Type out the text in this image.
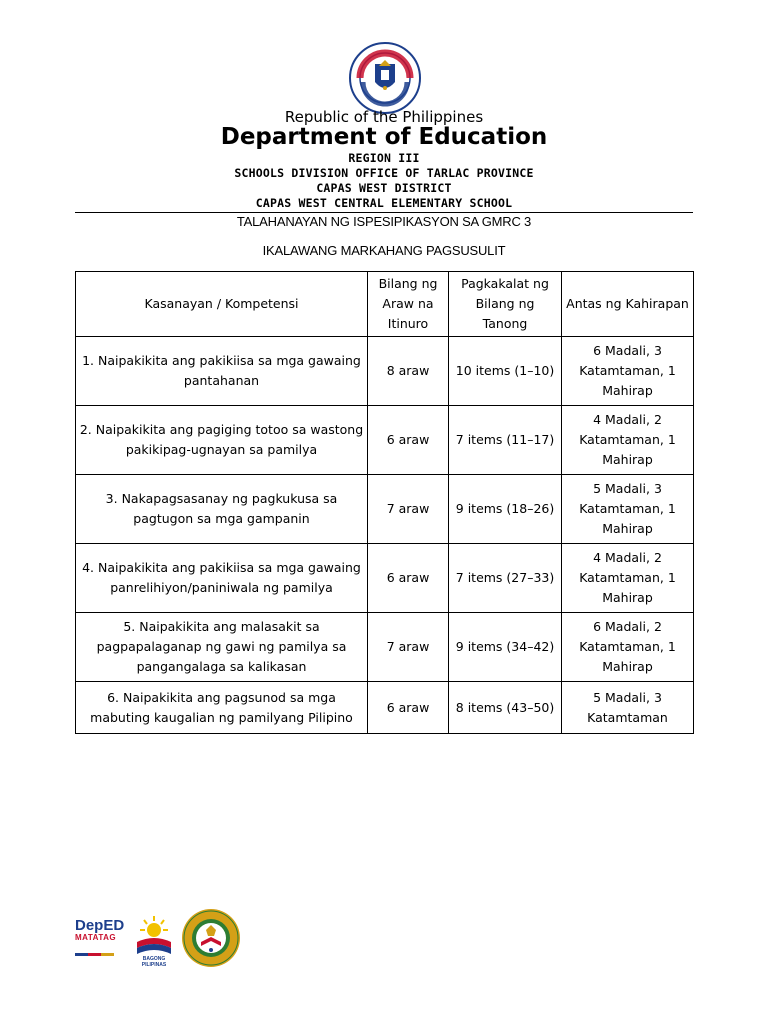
Republic of the Philippines
Department of Education
REGION III
SCHOOLS DIVISION OFFICE OF TARLAC PROVINCE
CAPAS WEST DISTRICT
CAPAS WEST CENTRAL ELEMENTARY SCHOOL
TALAHANAYAN NG ISPESIPIKASYON SA GMRC 3
IKALAWANG MARKAHANG PAGSUSULIT
Kasanayan / Kompetensi	Bilang ng Araw na Itinuro	Pagkakalat ng Bilang ng Tanong	Antas ng Kahirapan
1. Naipakikita ang pakikiisa sa mga gawaing pantahanan	8 araw	10 items (1–10)	6 Madali, 3 Katamtaman, 1 Mahirap
2. Naipakikita ang pagiging totoo sa wastong pakikipag-ugnayan sa pamilya	6 araw	7 items (11–17)	4 Madali, 2 Katamtaman, 1 Mahirap
3. Nakapagsasanay ng pagkukusa sa pagtugon sa mga gampanin	7 araw	9 items (18–26)	5 Madali, 3 Katamtaman, 1 Mahirap
4. Naipakikita ang pakikiisa sa mga gawaing panrelihiyon/paniniwala ng pamilya	6 araw	7 items (27–33)	4 Madali, 2 Katamtaman, 1 Mahirap
5. Naipakikita ang malasakit sa pagpapalaganap ng gawi ng pamilya sa pangangalaga sa kalikasan	7 araw	9 items (34–42)	6 Madali, 2 Katamtaman, 1 Mahirap
6. Naipakikita ang pagsunod sa mga mabuting kaugalian ng pamilyang Pilipino	6 araw	8 items (43–50)	5 Madali, 3 Katamtaman
DepED
MATATAG
BAGONG PILIPINAS
